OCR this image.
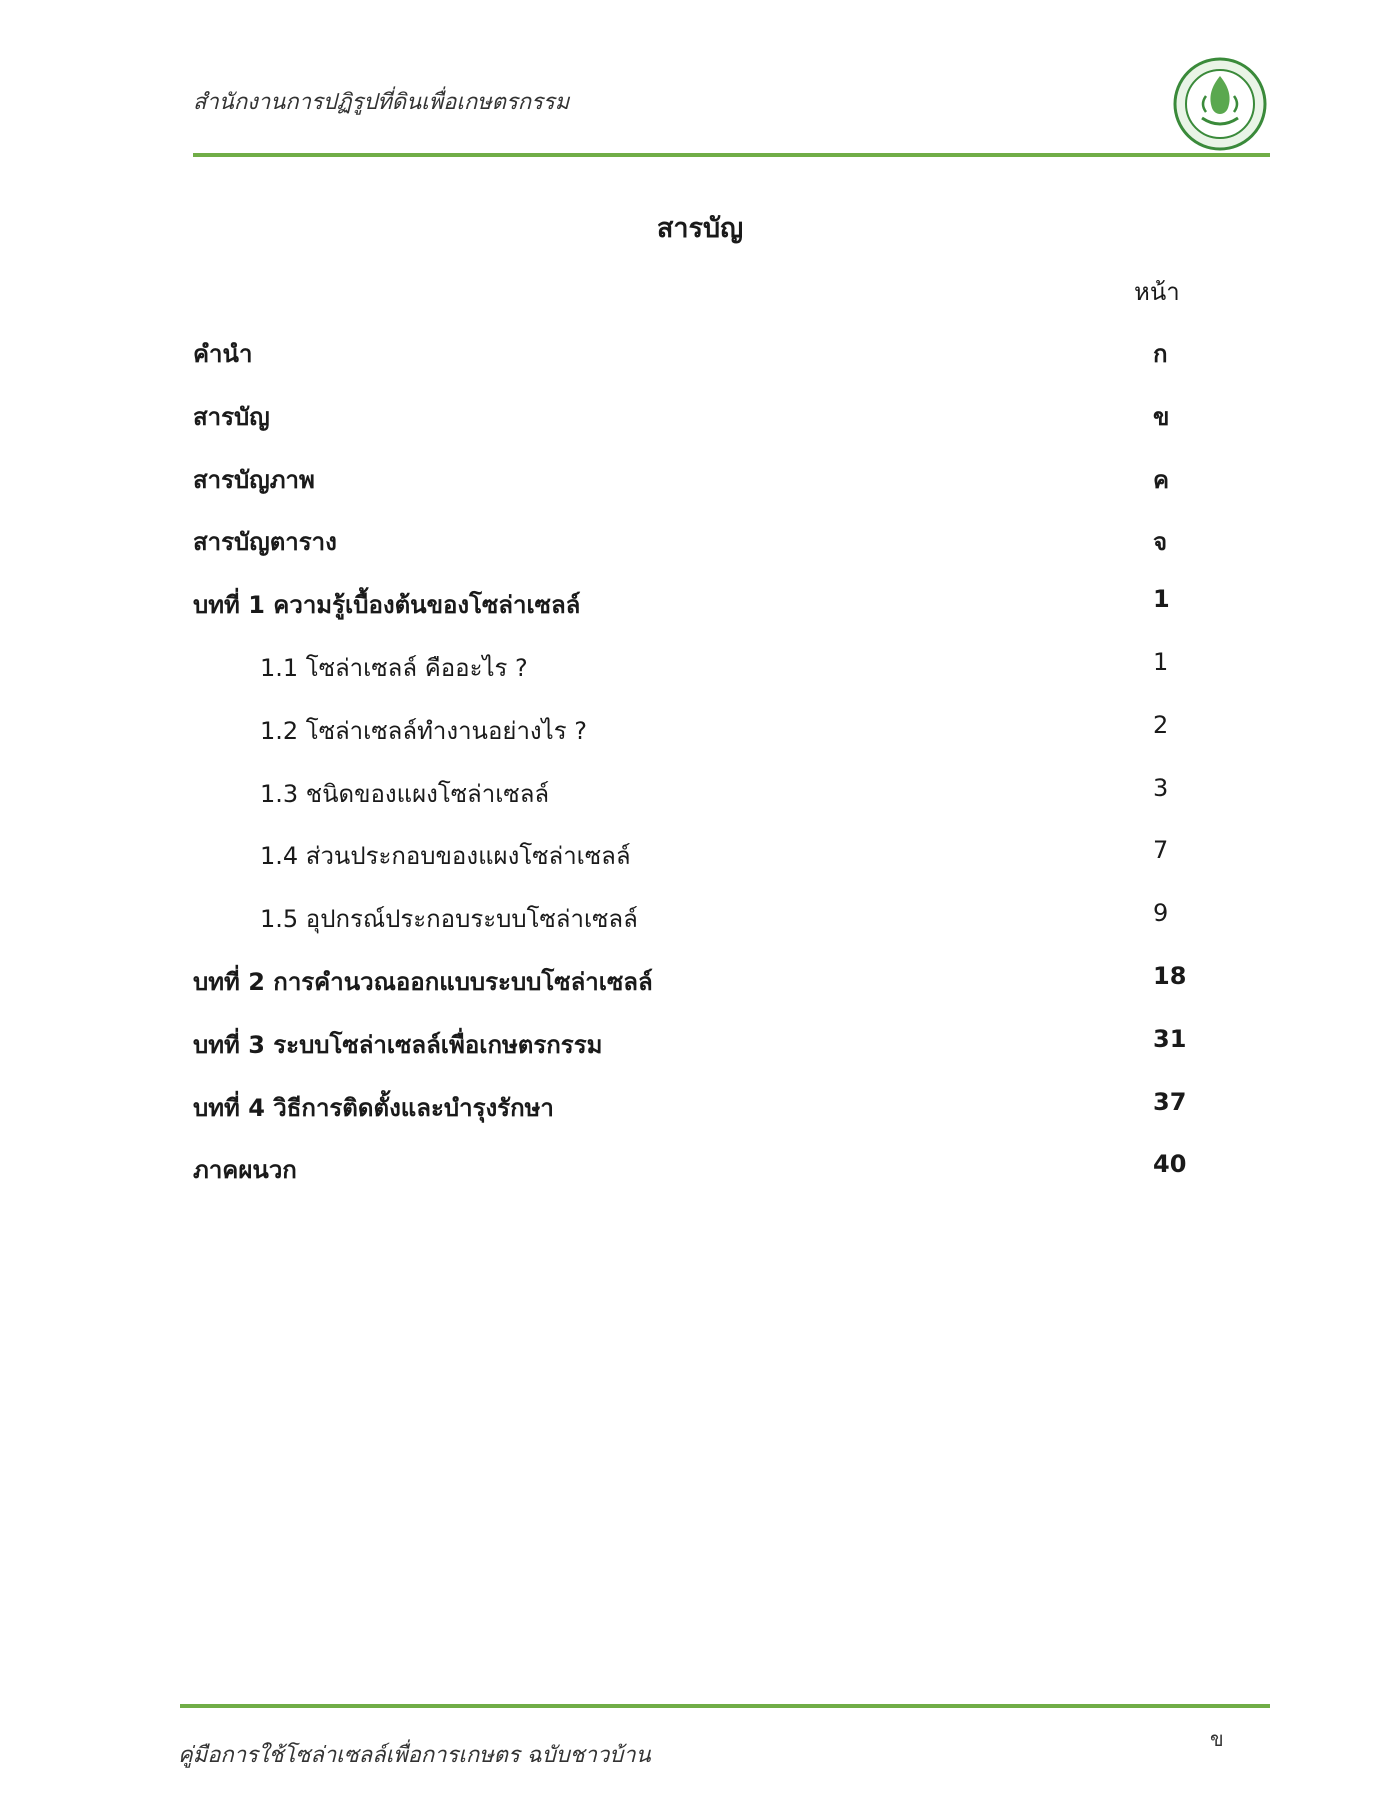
สำนักงานการปฏิรูปที่ดินเพื่อเกษตรกรรม
สารบัญ
หน้า
คำนำ	ก
สารบัญ	ข
สารบัญภาพ	ค
สารบัญตาราง	จ
บทที่ 1 ความรู้เบื้องต้นของโซล่าเซลล์	1
1.1 โซล่าเซลล์ คืออะไร ?	1
1.2 โซล่าเซลล์ทำงานอย่างไร ?	2
1.3 ชนิดของแผงโซล่าเซลล์	3
1.4 ส่วนประกอบของแผงโซล่าเซลล์	7
1.5 อุปกรณ์ประกอบระบบโซล่าเซลล์	9
บทที่ 2 การคำนวณออกแบบระบบโซล่าเซลล์	18
บทที่ 3 ระบบโซล่าเซลล์เพื่อเกษตรกรรม	31
บทที่ 4 วิธีการติดตั้งและบำรุงรักษา	37
ภาคผนวก	40
คู่มือการใช้โซล่าเซลล์เพื่อการเกษตร ฉบับชาวบ้าน
ข
